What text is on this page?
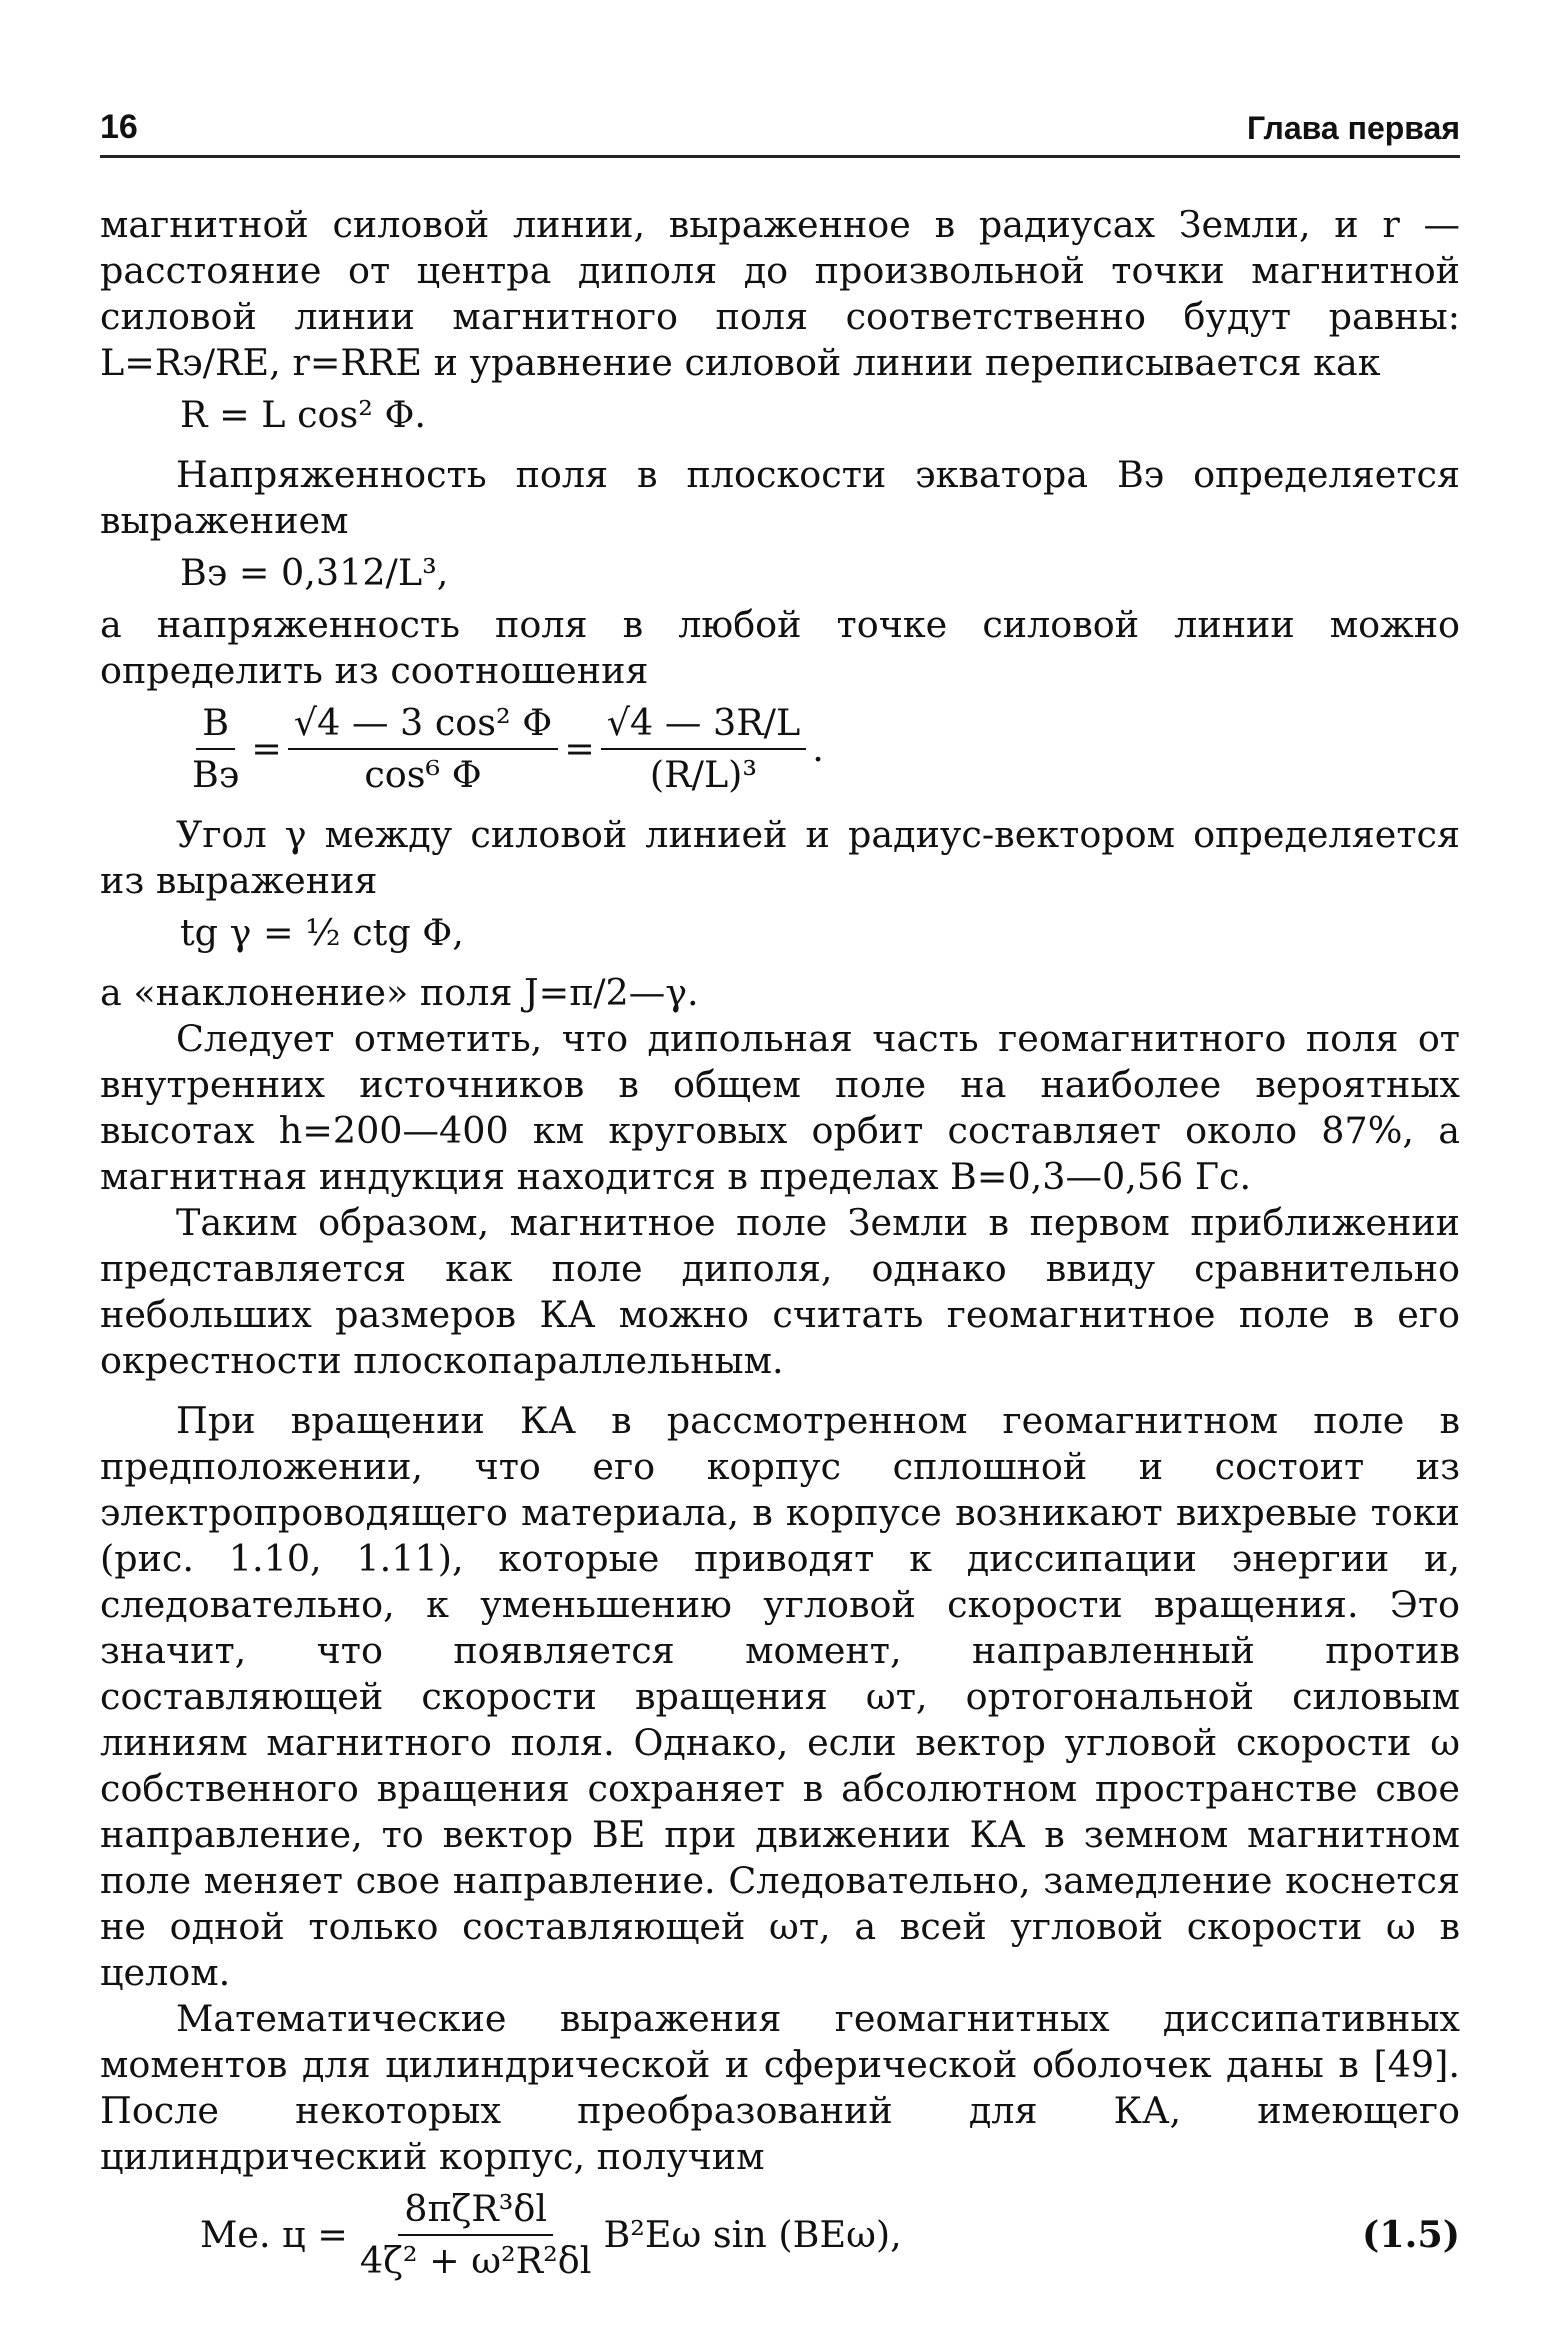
16	Глава первая

магнитной силовой линии, выраженное в радиусах Земли, и r — расстояние от центра диполя до произвольной точки магнитной силовой линии магнитного поля соответственно будут равны: L=Rэ/RE, r=RRE и уравнение силовой линии переписывается как

R = L cos² Φ.

Напряженность поля в плоскости экватора Bэ определяется выражением

Bэ = 0,312/L³,

а напряженность поля в любой точке силовой линии можно определить из соотношения

$\frac{B}{Bэ} = \frac{\text{√4 — 3 cos² Φ}}{\text{cos⁶ Φ}} = \frac{√4 — 3R/L}{\text{(R/L)³}}$ .

Угол γ между силовой линией и радиус-вектором определяется из выражения

tg γ = ½ ctg Φ,

а «наклонение» поля J=π/2—γ.

Следует отметить, что дипольная часть геомагнитного поля от внутренних источников в общем поле на наиболее вероятных высотах h=200—400 км круговых орбит составляет около 87%, а магнитная индукция находится в пределах B=0,3—0,56 Гс.

Таким образом, магнитное поле Земли в первом приближении представляется как поле диполя, однако ввиду сравнительно небольших размеров КА можно считать геомагнитное поле в его окрестности плоскопараллельным.

При вращении КА в рассмотренном геомагнитном поле в предположении, что его корпус сплошной и состоит из электропроводящего материала, в корпусе возникают вихревые токи (рис. 1.10, 1.11), которые приводят к диссипации энергии и, следовательно, к уменьшению угловой скорости вращения. Это значит, что появляется момент, направленный против составляющей скорости вращения ωт, ортогональной силовым линиям магнитного поля. Однако, если вектор угловой скорости ω собственного вращения сохраняет в абсолютном пространстве свое направление, то вектор BE при движении КА в земном магнитном поле меняет свое направление. Следовательно, замедление коснется не одной только составляющей ωт, а всей угловой скорости ω в целом.

Математические выражения геомагнитных диссипативных моментов для цилиндрической и сферической оболочек даны в [49]. После некоторых преобразований для КА, имеющего цилиндрический корпус, получим

Mе. $ц = \frac{\text{8πζR³δl}}{\text{4ζ² + ω²R²δl}} B^2E\omega$ sin (BEω),	(1.5)
